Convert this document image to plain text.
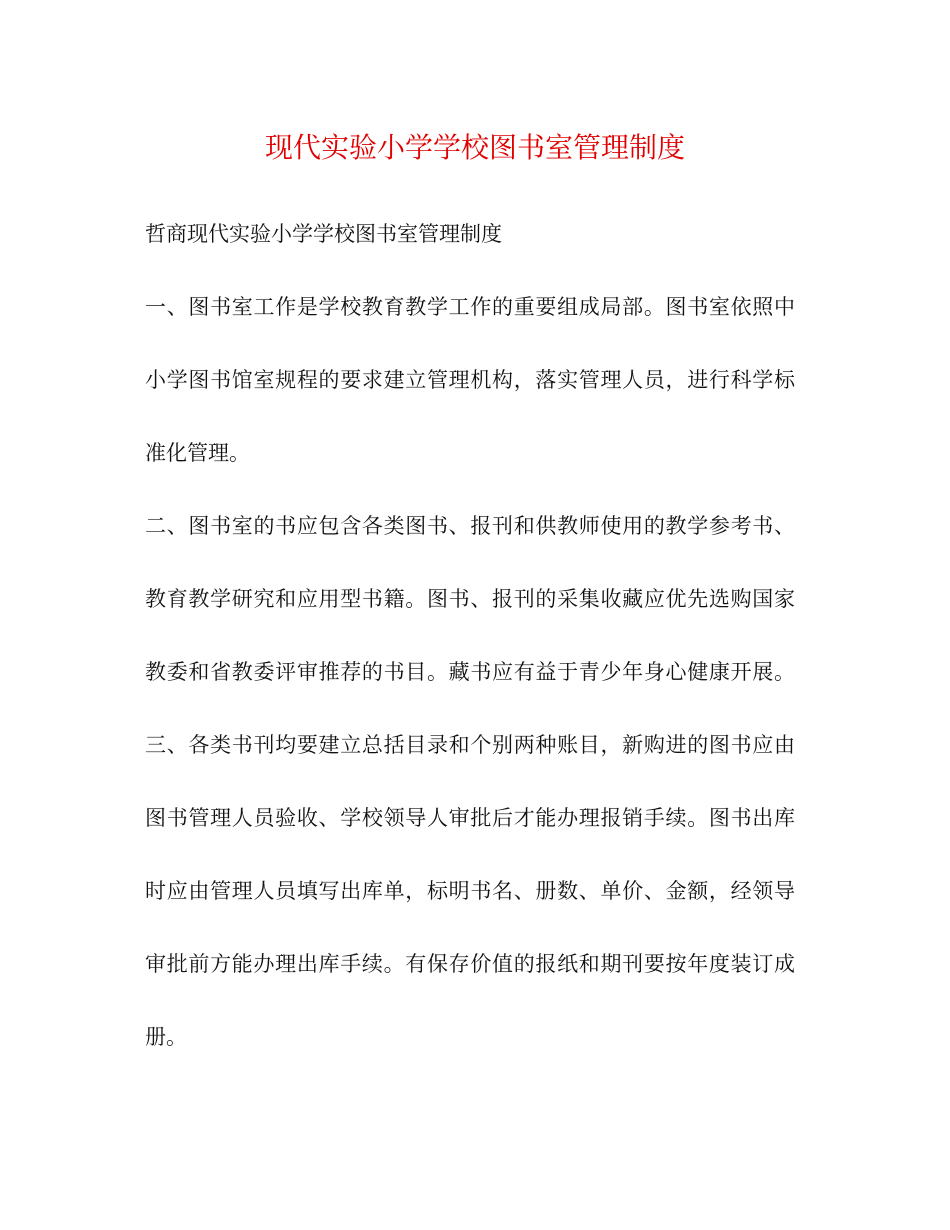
现代实验小学学校图书室管理制度
哲商现代实验小学学校图书室管理制度
一、图书室工作是学校教育教学工作的重要组成局部。图书室依照中
小学图书馆室规程的要求建立管理机构，落实管理人员，进行科学标
准化管理。
二、图书室的书应包含各类图书、报刊和供教师使用的教学参考书、
教育教学研究和应用型书籍。图书、报刊的采集收藏应优先选购国家
教委和省教委评审推荐的书目。藏书应有益于青少年身心健康开展。
三、各类书刊均要建立总括目录和个别两种账目，新购进的图书应由
图书管理人员验收、学校领导人审批后才能办理报销手续。图书出库
时应由管理人员填写出库单，标明书名、册数、单价、金额，经领导
审批前方能办理出库手续。有保存价值的报纸和期刊要按年度装订成
册。
